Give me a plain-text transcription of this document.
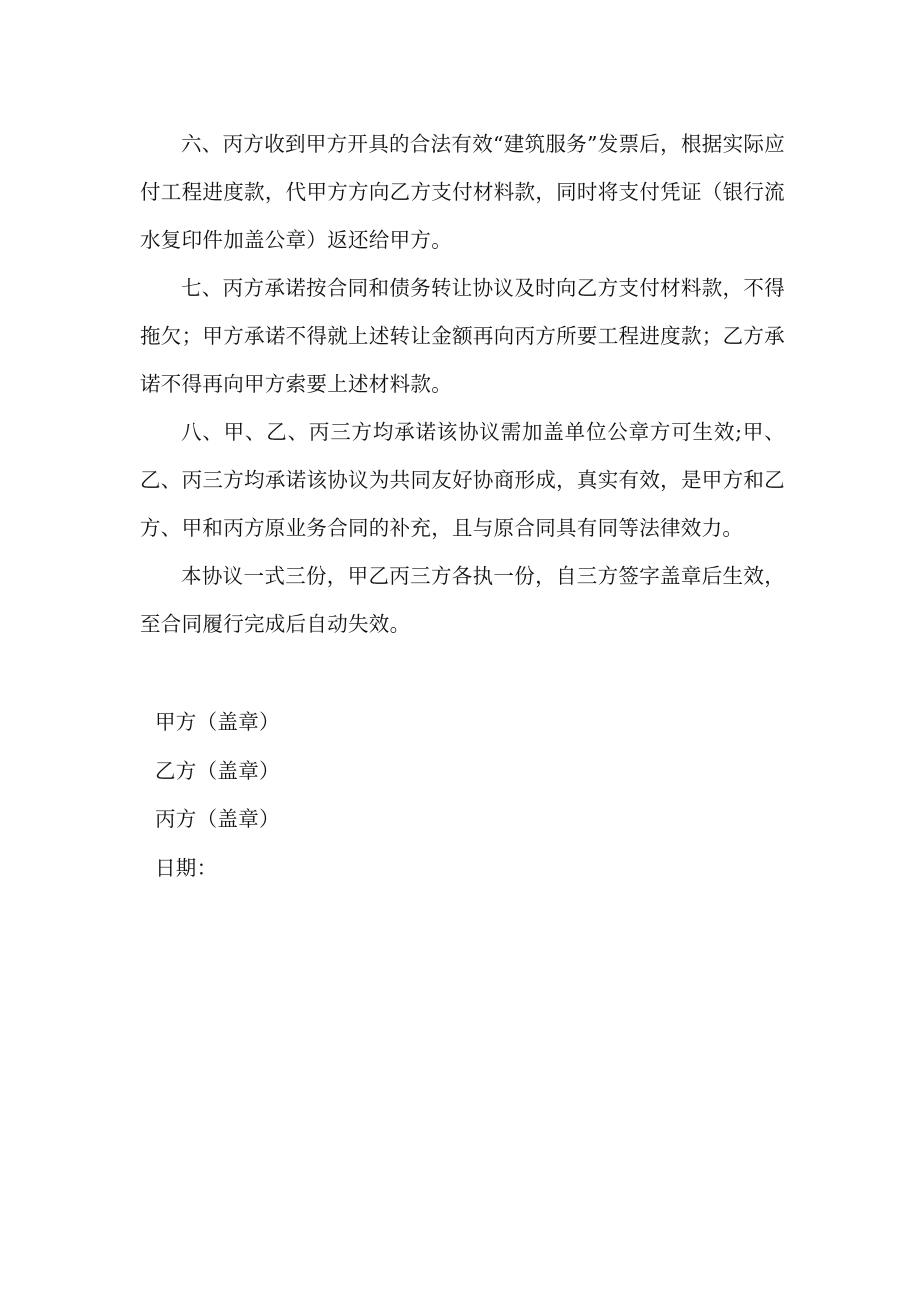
六、丙方收到甲方开具的合法有效“建筑服务”发票后，根据实际应付工程进度款，代甲方方向乙方支付材料款，同时将支付凭证（银行流水复印件加盖公章）返还给甲方。

七、丙方承诺按合同和债务转让协议及时向乙方支付材料款，不得拖欠；甲方承诺不得就上述转让金额再向丙方所要工程进度款；乙方承诺不得再向甲方索要上述材料款。

八、甲、乙、丙三方均承诺该协议需加盖单位公章方可生效;甲、乙、丙三方均承诺该协议为共同友好协商形成，真实有效，是甲方和乙方、甲和丙方原业务合同的补充，且与原合同具有同等法律效力。

本协议一式三份，甲乙丙三方各执一份，自三方签字盖章后生效，至合同履行完成后自动失效。

甲方（盖章）

乙方（盖章）

丙方（盖章）

日期：
